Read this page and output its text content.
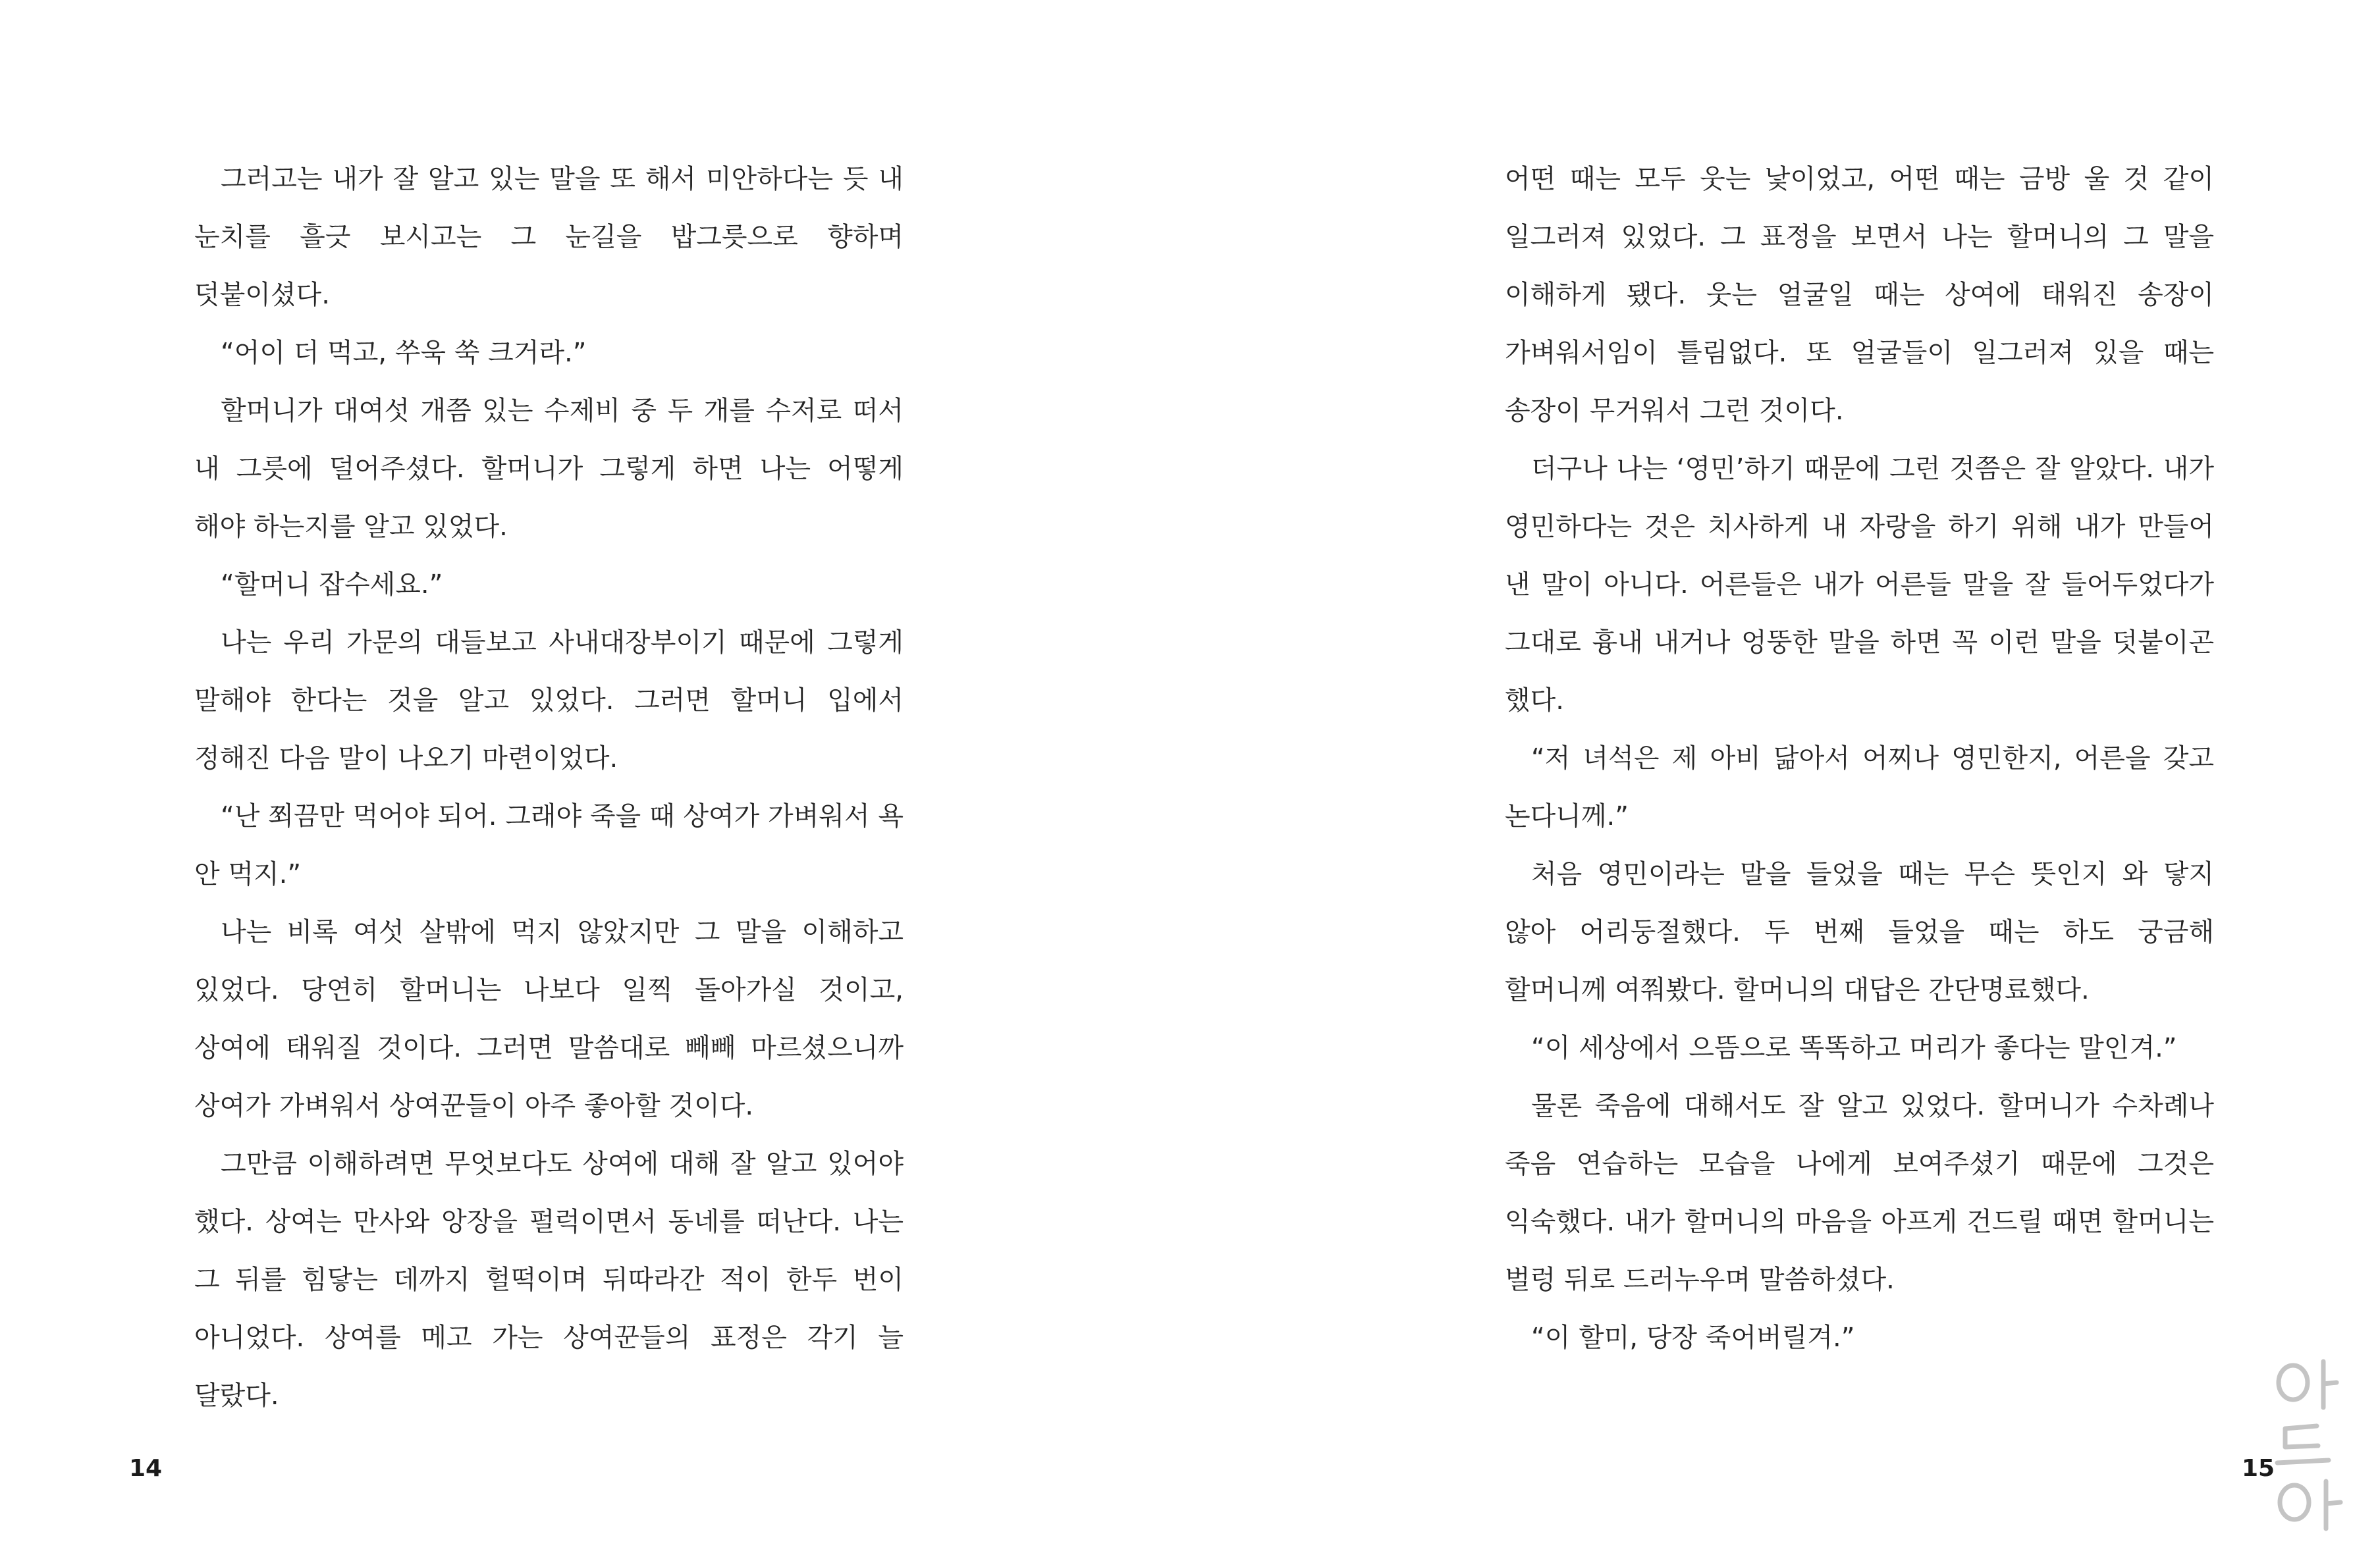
그러고는 내가 잘 알고 있는 말을 또 해서 미안하다는 듯 내 눈치를 흘긋 보시고는 그 눈길을 밥그릇으로 향하며 덧붙이셨다.

“어이 더 먹고, 쑤욱 쑥 크거라.”

할머니가 대여섯 개쯤 있는 수제비 중 두 개를 수저로 떠서 내 그릇에 덜어주셨다. 할머니가 그렇게 하면 나는 어떻게 해야 하는지를 알고 있었다.

“할머니 잡수세요.”

나는 우리 가문의 대들보고 사내대장부이기 때문에 그렇게 말해야 한다는 것을 알고 있었다. 그러면 할머니 입에서 정해진 다음 말이 나오기 마련이었다.

“난 쬐끔만 먹어야 되어. 그래야 죽을 때 상여가 가벼워서 욕 안 먹지.”

나는 비록 여섯 살밖에 먹지 않았지만 그 말을 이해하고 있었다. 당연히 할머니는 나보다 일찍 돌아가실 것이고, 상여에 태워질 것이다. 그러면 말씀대로 빼빼 마르셨으니까 상여가 가벼워서 상여꾼들이 아주 좋아할 것이다.

그만큼 이해하려면 무엇보다도 상여에 대해 잘 알고 있어야 했다. 상여는 만사와 앙장을 펄럭이면서 동네를 떠난다. 나는 그 뒤를 힘닿는 데까지 헐떡이며 뒤따라간 적이 한두 번이 아니었다. 상여를 메고 가는 상여꾼들의 표정은 각기 늘 달랐다.

14

어떤 때는 모두 웃는 낯이었고, 어떤 때는 금방 울 것 같이 일그러져 있었다. 그 표정을 보면서 나는 할머니의 그 말을 이해하게 됐다. 웃는 얼굴일 때는 상여에 태워진 송장이 가벼워서임이 틀림없다. 또 얼굴들이 일그러져 있을 때는 송장이 무거워서 그런 것이다.

더구나 나는 ‘영민’하기 때문에 그런 것쯤은 잘 알았다. 내가 영민하다는 것은 치사하게 내 자랑을 하기 위해 내가 만들어 낸 말이 아니다. 어른들은 내가 어른들 말을 잘 들어두었다가 그대로 흉내 내거나 엉뚱한 말을 하면 꼭 이런 말을 덧붙이곤 했다.

“저 녀석은 제 아비 닮아서 어찌나 영민한지, 어른을 갖고 논다니께.”

처음 영민이라는 말을 들었을 때는 무슨 뜻인지 와 닿지 않아 어리둥절했다. 두 번째 들었을 때는 하도 궁금해 할머니께 여쭤봤다. 할머니의 대답은 간단명료했다.

“이 세상에서 으뜸으로 똑똑하고 머리가 좋다는 말인겨.”

물론 죽음에 대해서도 잘 알고 있었다. 할머니가 수차례나 죽음 연습하는 모습을 나에게 보여주셨기 때문에 그것은 익숙했다. 내가 할머니의 마음을 아프게 건드릴 때면 할머니는 벌렁 뒤로 드러누우며 말씀하셨다.

“이 할미, 당장 죽어버릴겨.”

15
